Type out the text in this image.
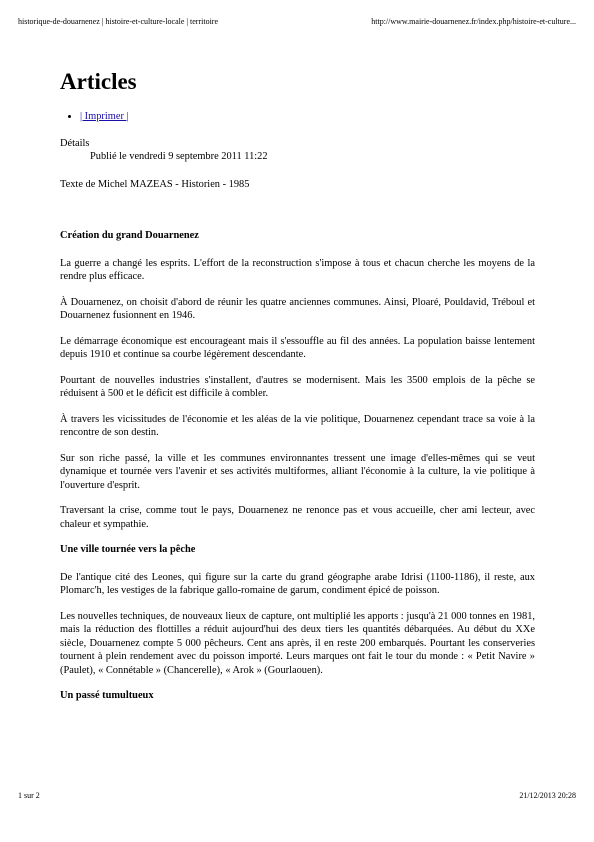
historique-de-douarnenez | histoire-et-culture-locale | territoire	http://www.mairie-douarnenez.fr/index.php/histoire-et-culture...
Articles
• | Imprimer |
Détails
Publié le vendredi 9 septembre 2011 11:22
Texte de Michel MAZEAS - Historien - 1985
Création du grand Douarnenez

La guerre a changé les esprits. L'effort de la reconstruction s'impose à tous et chacun cherche les moyens de la rendre plus efficace.

À Douarnenez, on choisit d'abord de réunir les quatre anciennes communes. Ainsi, Ploaré, Pouldavid, Tréboul et Douarnenez fusionnent en 1946.

Le démarrage économique est encourageant mais il s'essouffle au fil des années. La population baisse lentement depuis 1910 et continue sa courbe légèrement descendante.

Pourtant de nouvelles industries s'installent, d'autres se modernisent. Mais les 3500 emplois de la pêche se réduisent à 500 et le déficit est difficile à combler.

À travers les vicissitudes de l'économie et les aléas de la vie politique, Douarnenez cependant trace sa voie à la rencontre de son destin.

Sur son riche passé, la ville et les communes environnantes tressent une image d'elles-mêmes qui se veut dynamique et tournée vers l'avenir et ses activités multiformes, alliant l'économie à la culture, la vie politique à l'ouverture d'esprit.

Traversant la crise, comme tout le pays, Douarnenez ne renonce pas et vous accueille, cher ami lecteur, avec chaleur et sympathie.

Une ville tournée vers la pêche

De l'antique cité des Leones, qui figure sur la carte du grand géographe arabe Idrisi (1100-1186), il reste, aux Plomarc'h, les vestiges de la fabrique gallo-romaine de garum, condiment épicé de poisson.

Les nouvelles techniques, de nouveaux lieux de capture, ont multiplié les apports : jusqu'à 21 000 tonnes en 1981, mais la réduction des flottilles a réduit aujourd'hui des deux tiers les quantités débarquées. Au début du XXe siècle, Douarnenez compte 5 000 pêcheurs. Cent ans après, il en reste 200 embarqués. Pourtant les conserveries tournent à plein rendement avec du poisson importé. Leurs marques ont fait le tour du monde : « Petit Navire » (Paulet), « Connétable » (Chancerelle), « Arok » (Gourlaouen).

Un passé tumultueux
1 sur 2	21/12/2013 20:28
